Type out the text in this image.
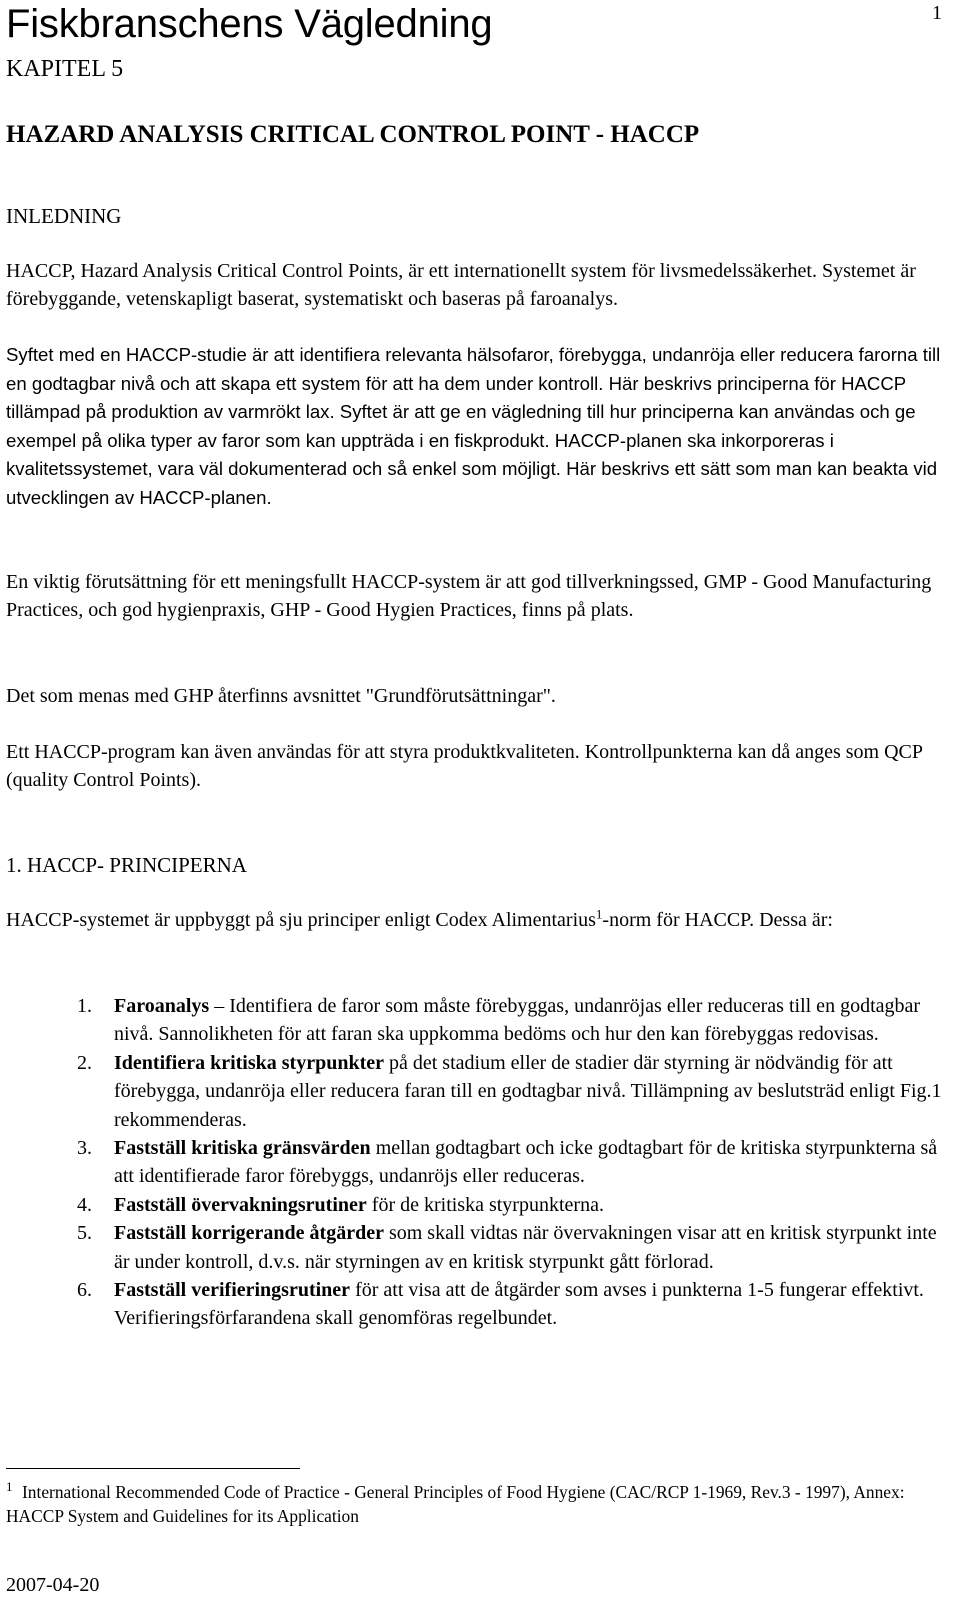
Fiskbranschens Vägledning	1
KAPITEL 5
HAZARD ANALYSIS CRITICAL CONTROL POINT - HACCP
INLEDNING
HACCP, Hazard Analysis Critical Control Points, är ett internationellt system för livsmedelssäkerhet. Systemet är förebyggande, vetenskapligt baserat, systematiskt och baseras på faroanalys.
Syftet med en HACCP-studie är att identifiera relevanta hälsofaror, förebygga, undanröja eller reducera farorna till en godtagbar nivå och att skapa ett system för att ha dem under kontroll. Här beskrivs principerna för HACCP tillämpad på produktion av varmrökt lax. Syftet är att ge en vägledning till hur principerna kan användas och ge exempel på olika typer av faror som kan uppträda i en fiskprodukt. HACCP-planen ska inkorporeras i kvalitetssystemet, vara väl dokumenterad och så enkel som möjligt. Här beskrivs ett sätt som man kan beakta vid utvecklingen av HACCP-planen.
En viktig förutsättning för ett meningsfullt HACCP-system är att god tillverkningssed, GMP - Good Manufacturing Practices, och god hygienpraxis, GHP - Good Hygien Practices, finns på plats.
Det som menas med GHP återfinns avsnittet "Grundförutsättningar".
Ett HACCP-program kan även användas för att styra produktkvaliteten. Kontrollpunkterna kan då anges som QCP (quality Control Points).
1. HACCP- PRINCIPERNA
HACCP-systemet är uppbyggt på sju principer enligt Codex Alimentarius$^1$-norm för HACCP. Dessa är:
1. Faroanalys – Identifiera de faror som måste förebyggas, undanröjas eller reduceras till en godtagbar nivå. Sannolikheten för att faran ska uppkomma bedöms och hur den kan förebyggas redovisas.
2. Identifiera kritiska styrpunkter på det stadium eller de stadier där styrning är nödvändig för att förebygga, undanröja eller reducera faran till en godtagbar nivå. Tillämpning av beslutsträd enligt Fig.1 rekommenderas.
3. Fastställ kritiska gränsvärden mellan godtagbart och icke godtagbart för de kritiska styrpunkterna så att identifierade faror förebyggs, undanröjs eller reduceras.
4. Fastställ övervakningsrutiner för de kritiska styrpunkterna.
5. Fastställ korrigerande åtgärder som skall vidtas när övervakningen visar att en kritisk styrpunkt inte är under kontroll, d.v.s. när styrningen av en kritisk styrpunkt gått förlorad.
6. Fastställ verifieringsrutiner för att visa att de åtgärder som avses i punkterna 1-5 fungerar effektivt. Verifieringsförfarandena skall genomföras regelbundet.
1 International Recommended Code of Practice - General Principles of Food Hygiene (CAC/RCP 1-1969, Rev.3 - 1997), Annex: HACCP System and Guidelines for its Application
2007-04-20
